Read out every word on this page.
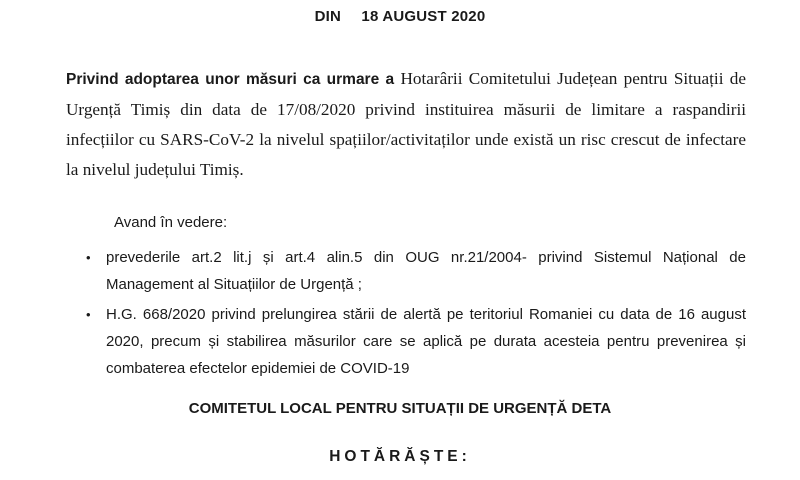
DIN 18 AUGUST 2020
Privind adoptarea unor măsuri ca urmare a Hotarârii Comitetului Județean pentru Situații de Urgență Timiș din data de 17/08/2020 privind instituirea măsurii de limitare a raspandirii infecțiilor cu SARS-CoV-2 la nivelul spațiilor/activitaților unde există un risc crescut de infectare la nivelul județului Timiș.
Avand în vedere:
• prevederile art.2 lit.j și art.4 alin.5 din OUG nr.21/2004- privind Sistemul Național de Management al Situațiilor de Urgență ;
• H.G. 668/2020 privind prelungirea stării de alertă pe teritoriul Romaniei cu data de 16 august 2020, precum și stabilirea măsurilor care se aplică pe durata acesteia pentru prevenirea și combaterea efectelor epidemiei de COVID-19
COMITETUL LOCAL PENTRU SITUAȚII DE URGENȚĂ DETA
HOTĂRĂȘTE:
